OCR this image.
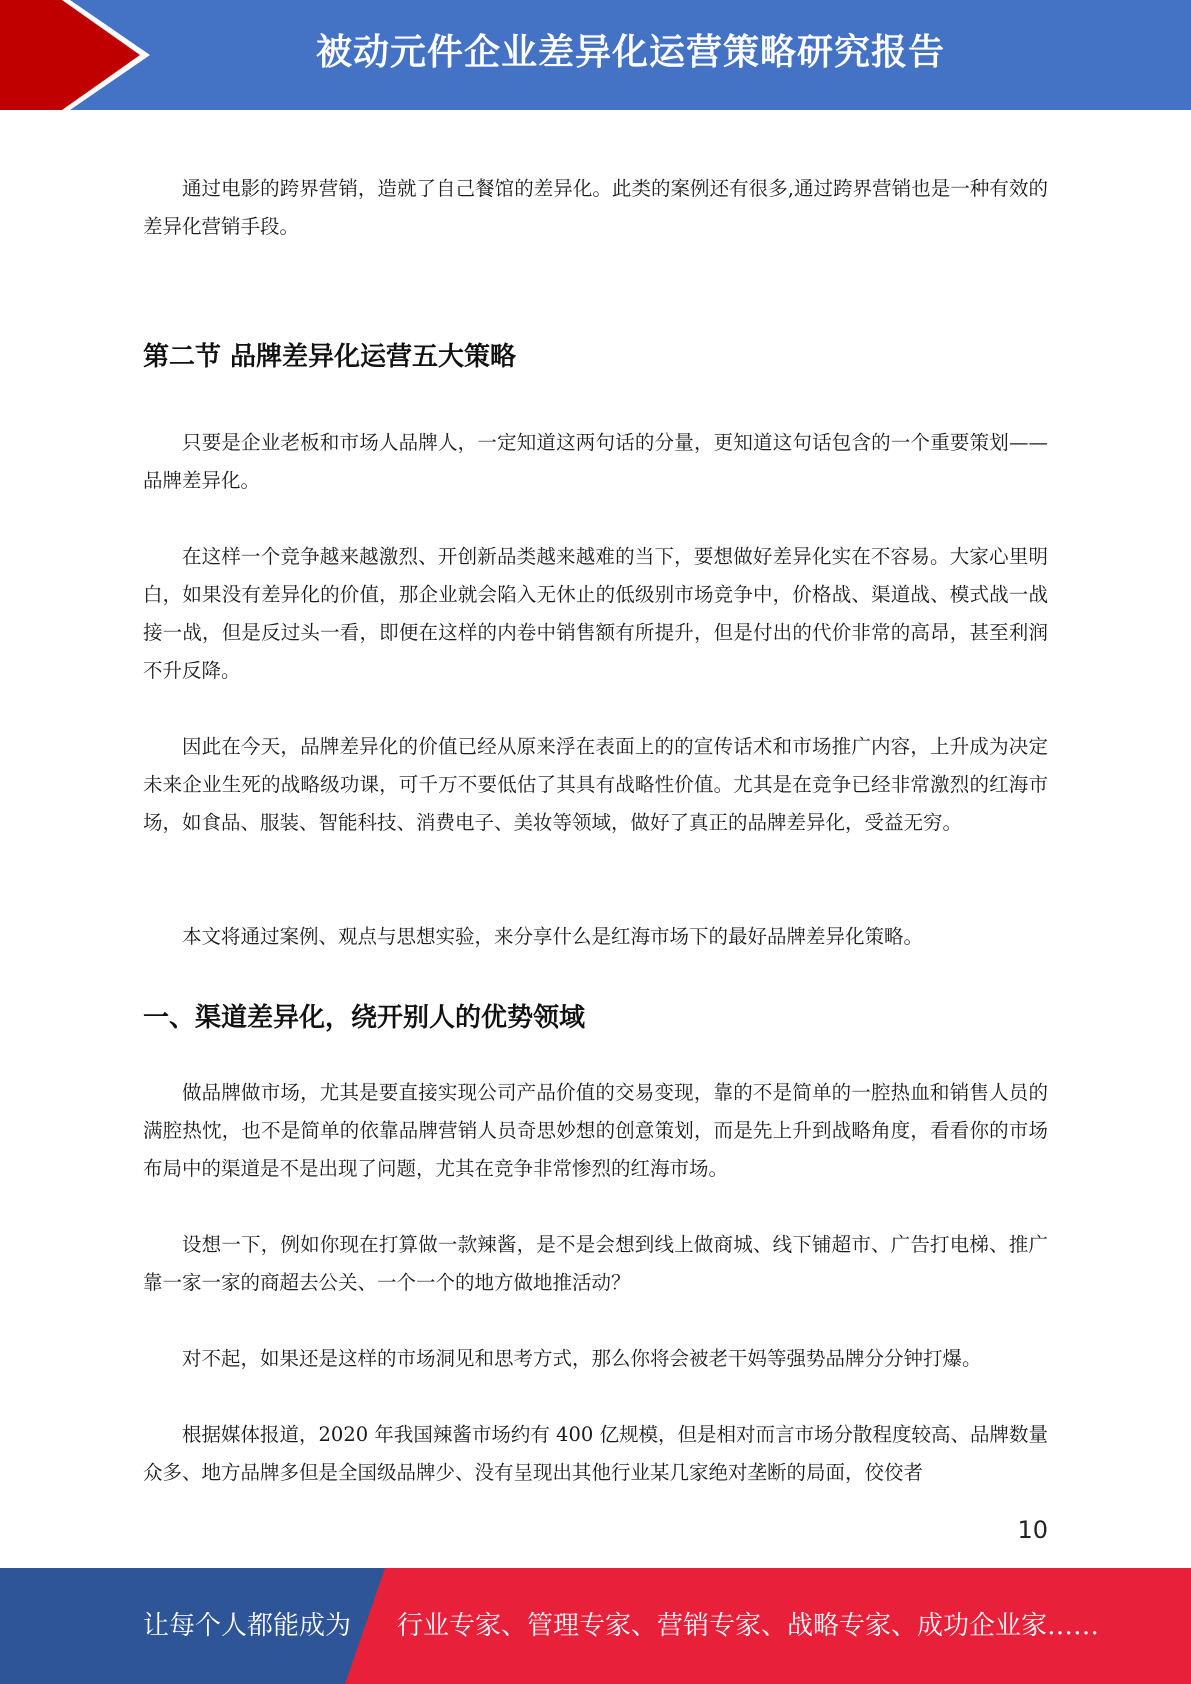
被动元件企业差异化运营策略研究报告

通过电影的跨界营销，造就了自己餐馆的差异化。此类的案例还有很多,通过跨界营销也是一种有效的差异化营销手段。

第二节 品牌差异化运营五大策略

只要是企业老板和市场人品牌人，一定知道这两句话的分量，更知道这句话包含的一个重要策划——品牌差异化。

在这样一个竞争越来越激烈、开创新品类越来越难的当下，要想做好差异化实在不容易。大家心里明白，如果没有差异化的价值，那企业就会陷入无休止的低级别市场竞争中，价格战、渠道战、模式战一战接一战，但是反过头一看，即便在这样的内卷中销售额有所提升，但是付出的代价非常的高昂，甚至利润不升反降。

因此在今天，品牌差异化的价值已经从原来浮在表面上的的宣传话术和市场推广内容，上升成为决定未来企业生死的战略级功课，可千万不要低估了其具有战略性价值。尤其是在竞争已经非常激烈的红海市场，如食品、服装、智能科技、消费电子、美妆等领域，做好了真正的品牌差异化，受益无穷。

本文将通过案例、观点与思想实验，来分享什么是红海市场下的最好品牌差异化策略。

一、渠道差异化，绕开别人的优势领域

做品牌做市场，尤其是要直接实现公司产品价值的交易变现，靠的不是简单的一腔热血和销售人员的满腔热忱，也不是简单的依靠品牌营销人员奇思妙想的创意策划，而是先上升到战略角度，看看你的市场布局中的渠道是不是出现了问题，尤其在竞争非常惨烈的红海市场。

设想一下，例如你现在打算做一款辣酱，是不是会想到线上做商城、线下铺超市、广告打电梯、推广靠一家一家的商超去公关、一个一个的地方做地推活动？

对不起，如果还是这样的市场洞见和思考方式，那么你将会被老干妈等强势品牌分分钟打爆。

根据媒体报道，2020 年我国辣酱市场约有 400 亿规模，但是相对而言市场分散程度较高、品牌数量众多、地方品牌多但是全国级品牌少、没有呈现出其他行业某几家绝对垄断的局面，佼佼者

10
让每个人都能成为 行业专家、管理专家、营销专家、战略专家、成功企业家……
